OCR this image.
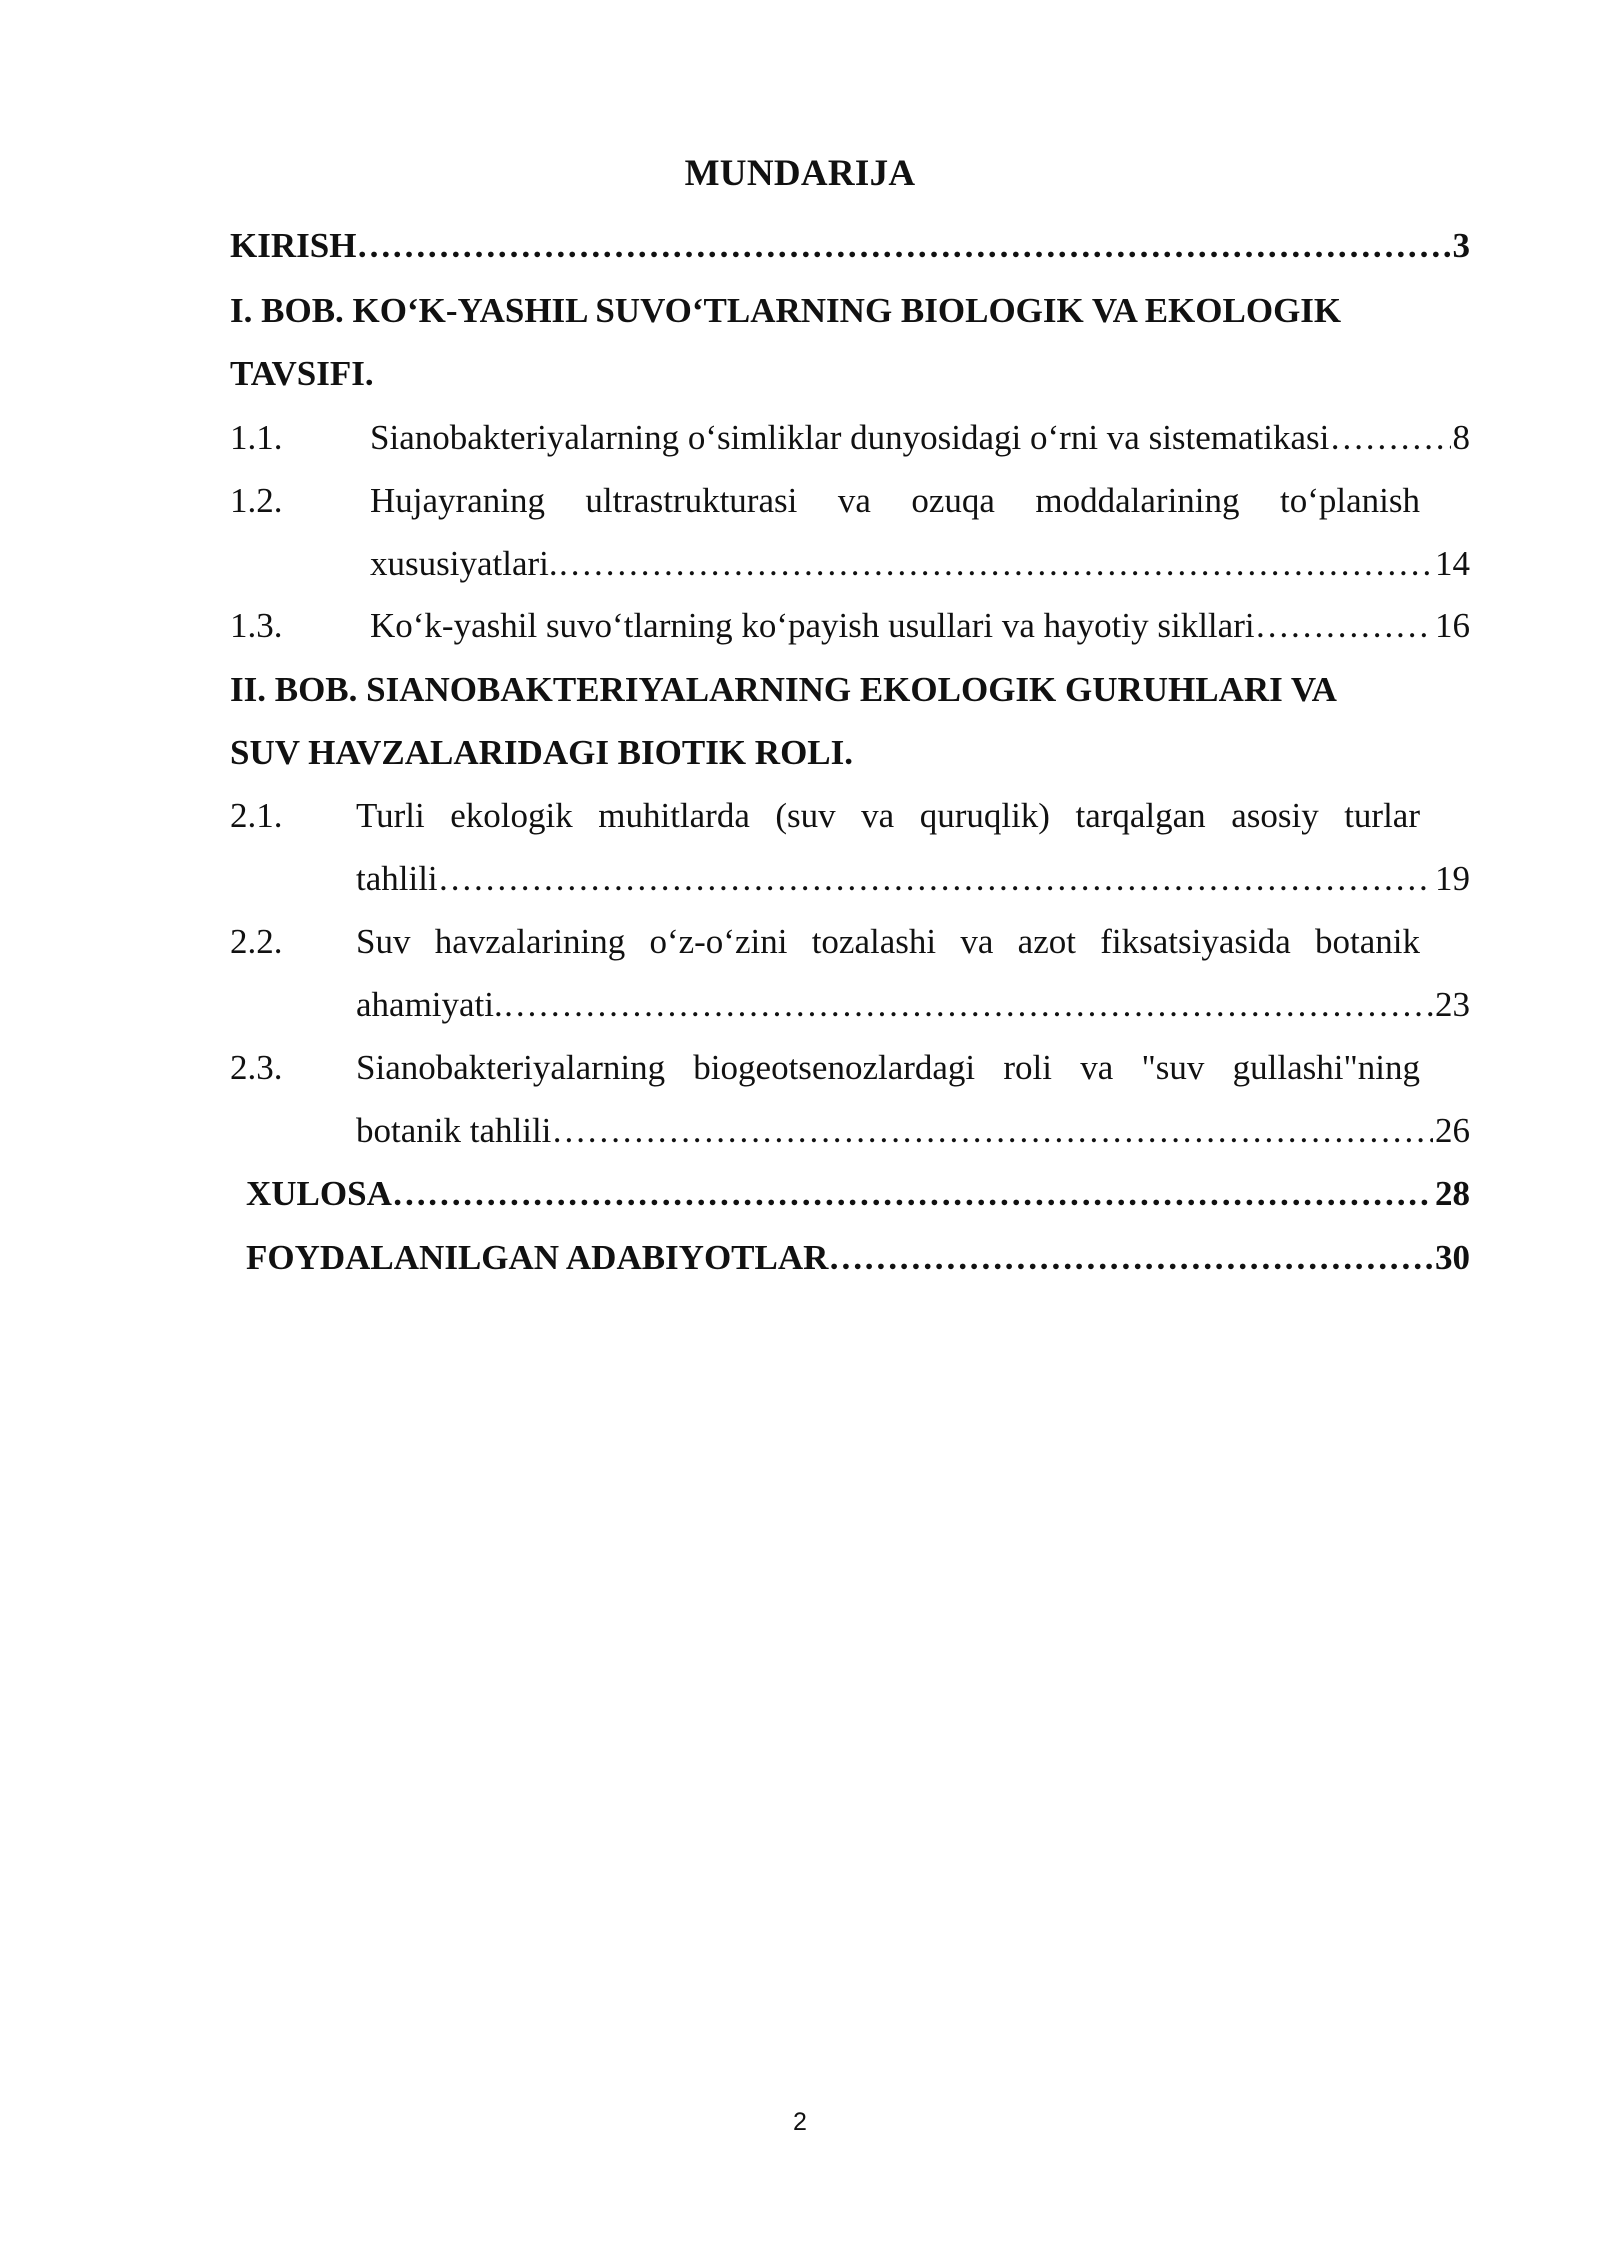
MUNDARIJA
KIRISH ……………………………………………………………………………………………………………………………………………………………………………	3
I. BOB. KO‘K-YASHIL SUVO‘TLARNING BIOLOGIK VA EKOLOGIK
TAVSIFI.
1.1.	Sianobakteriyalarning o‘simliklar dunyosidagi o‘rni va sistematikasi ……………………………………………………………………………………………………………………………………………………………………………	8
1.2.	Hujayraning ultrastrukturasi va ozuqa moddalarining to‘planish
xususiyatlari. ……………………………………………………………………………………………………………………………………………………………………………	14
1.3.	Ko‘k-yashil suvo‘tlarning ko‘payish usullari va hayotiy sikllari ……………………………………………………………………………………………………………………………………………………………………………	16
II. BOB. SIANOBAKTERIYALARNING EKOLOGIK GURUHLARI VA
SUV HAVZALARIDAGI BIOTIK ROLI.
2.1. Turli ekologik muhitlarda (suv va quruqlik) tarqalgan asosiy turlar
tahlili ……………………………………………………………………………………………………………………………………………………………………………	19
2.2. Suv havzalarining o‘z-o‘zini tozalashi va azot fiksatsiyasida botanik
ahamiyati. ……………………………………………………………………………………………………………………………………………………………………………	23
2.3. Sianobakteriyalarning biogeotsenozlardagi roli va "suv gullashi"ning
botanik tahlili ……………………………………………………………………………………………………………………………………………………………………………	26
XULOSA ……………………………………………………………………………………………………………………………………………………………………………	28
FOYDALANILGAN ADABIYOTLAR ……………………………………………………………………………………………………………………………………………………………………………	30
2
